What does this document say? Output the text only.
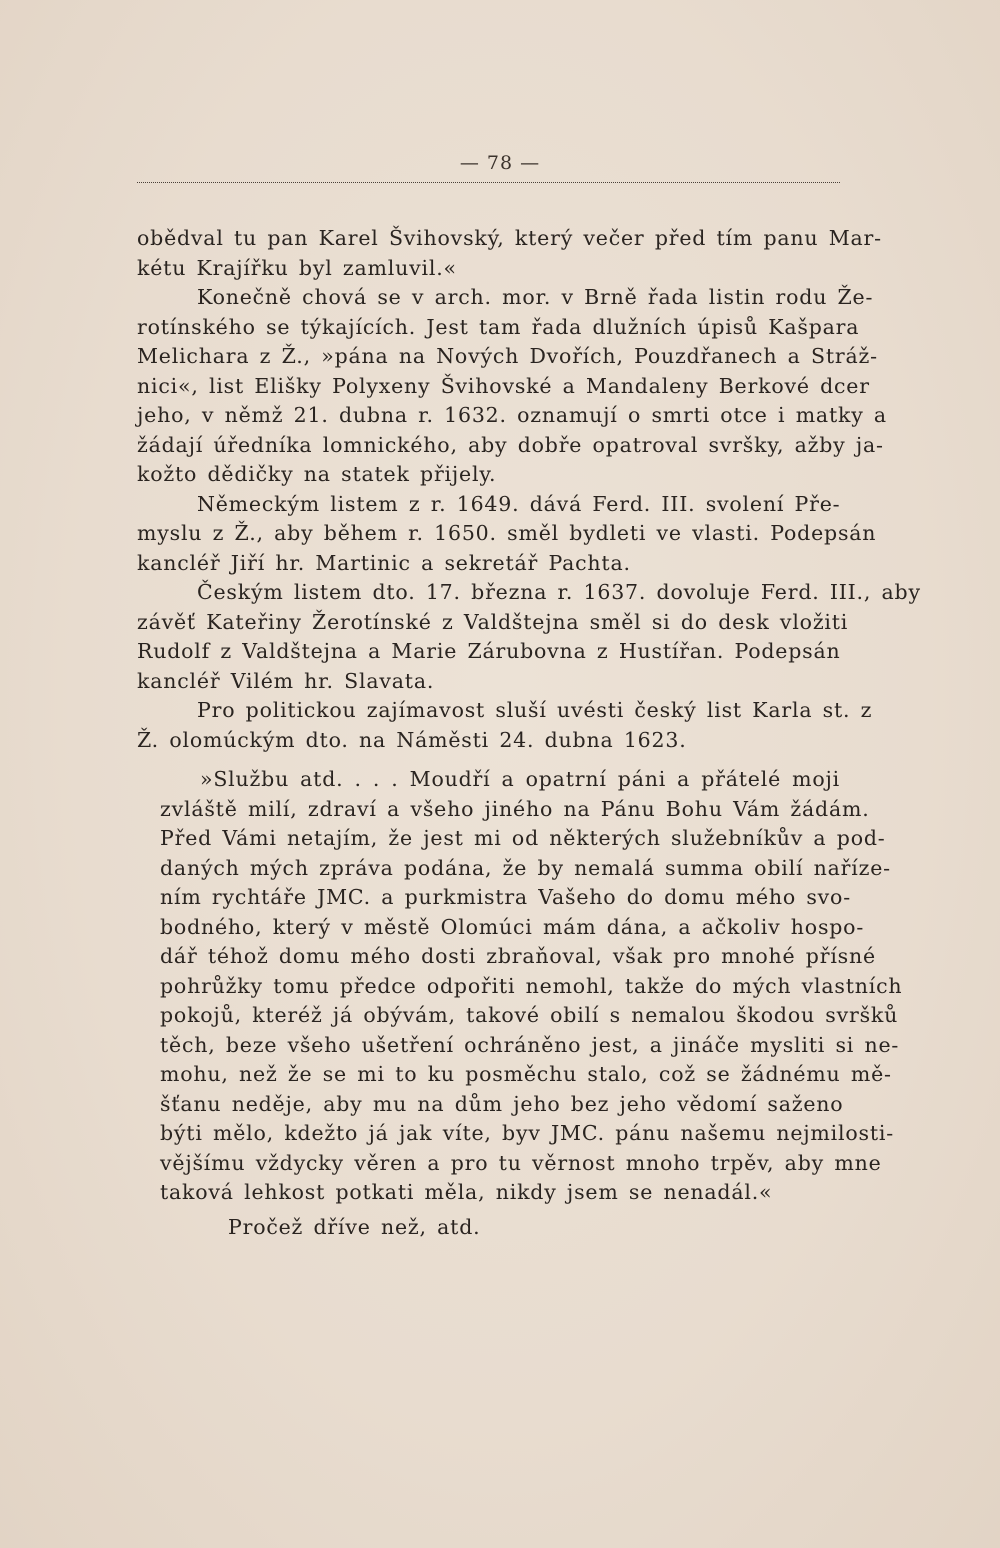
— 78 —
obědval tu pan Karel Švihovský, který večer před tím panu Mar-
kétu Krajířku byl zamluvil.«
Konečně chová se v arch. mor. v Brně řada listin rodu Že-
rotínského se týkajících. Jest tam řada dlužních úpisů Kašpara
Melichara z Ž., »pána na Nových Dvořích, Pouzdřanech a Stráž-
nici«, list Elišky Polyxeny Švihovské a Mandaleny Berkové dcer
jeho, v němž 21. dubna r. 1632. oznamují o smrti otce i matky a
žádají úředníka lomnického, aby dobře opatroval svršky, ažby ja-
kožto dědičky na statek přijely.
Německým listem z r. 1649. dává Ferd. III. svolení Pře-
myslu z Ž., aby během r. 1650. směl bydleti ve vlasti. Podepsán
kancléř Jiří hr. Martinic a sekretář Pachta.
Českým listem dto. 17. března r. 1637. dovoluje Ferd. III., aby
závěť Kateřiny Žerotínské z Valdštejna směl si do desk vložiti
Rudolf z Valdštejna a Marie Zárubovna z Hustířan. Podepsán
kancléř Vilém hr. Slavata.
Pro politickou zajímavost sluší uvésti český list Karla st. z
Ž. olomúckým dto. na Náměsti 24. dubna 1623.
»Službu atd. . . . Moudří a opatrní páni a přátelé moji
zvláště milí, zdraví a všeho jiného na Pánu Bohu Vám žádám.
Před Vámi netajím, že jest mi od některých služebníkův a pod-
daných mých zpráva podána, že by nemalá summa obilí naříze-
ním rychtáře JMC. a purkmistra Vašeho do domu mého svo-
bodného, který v městě Olomúci mám dána, a ačkoliv hospo-
dář téhož domu mého dosti zbraňoval, však pro mnohé přísné
pohrůžky tomu předce odpořiti nemohl, takže do mých vlastních
pokojů, kteréž já obývám, takové obilí s nemalou škodou svršků
těch, beze všeho ušetření ochráněno jest, a jináče mysliti si ne-
mohu, než že se mi to ku posměchu stalo, což se žádnému mě-
šťanu neděje, aby mu na dům jeho bez jeho vědomí saženo
býti mělo, kdežto já jak víte, byv JMC. pánu našemu nejmilosti-
vějšímu vždycky věren a pro tu věrnost mnoho trpěv, aby mne
taková lehkost potkati měla, nikdy jsem se nenadál.«
Pročež dříve než, atd.
